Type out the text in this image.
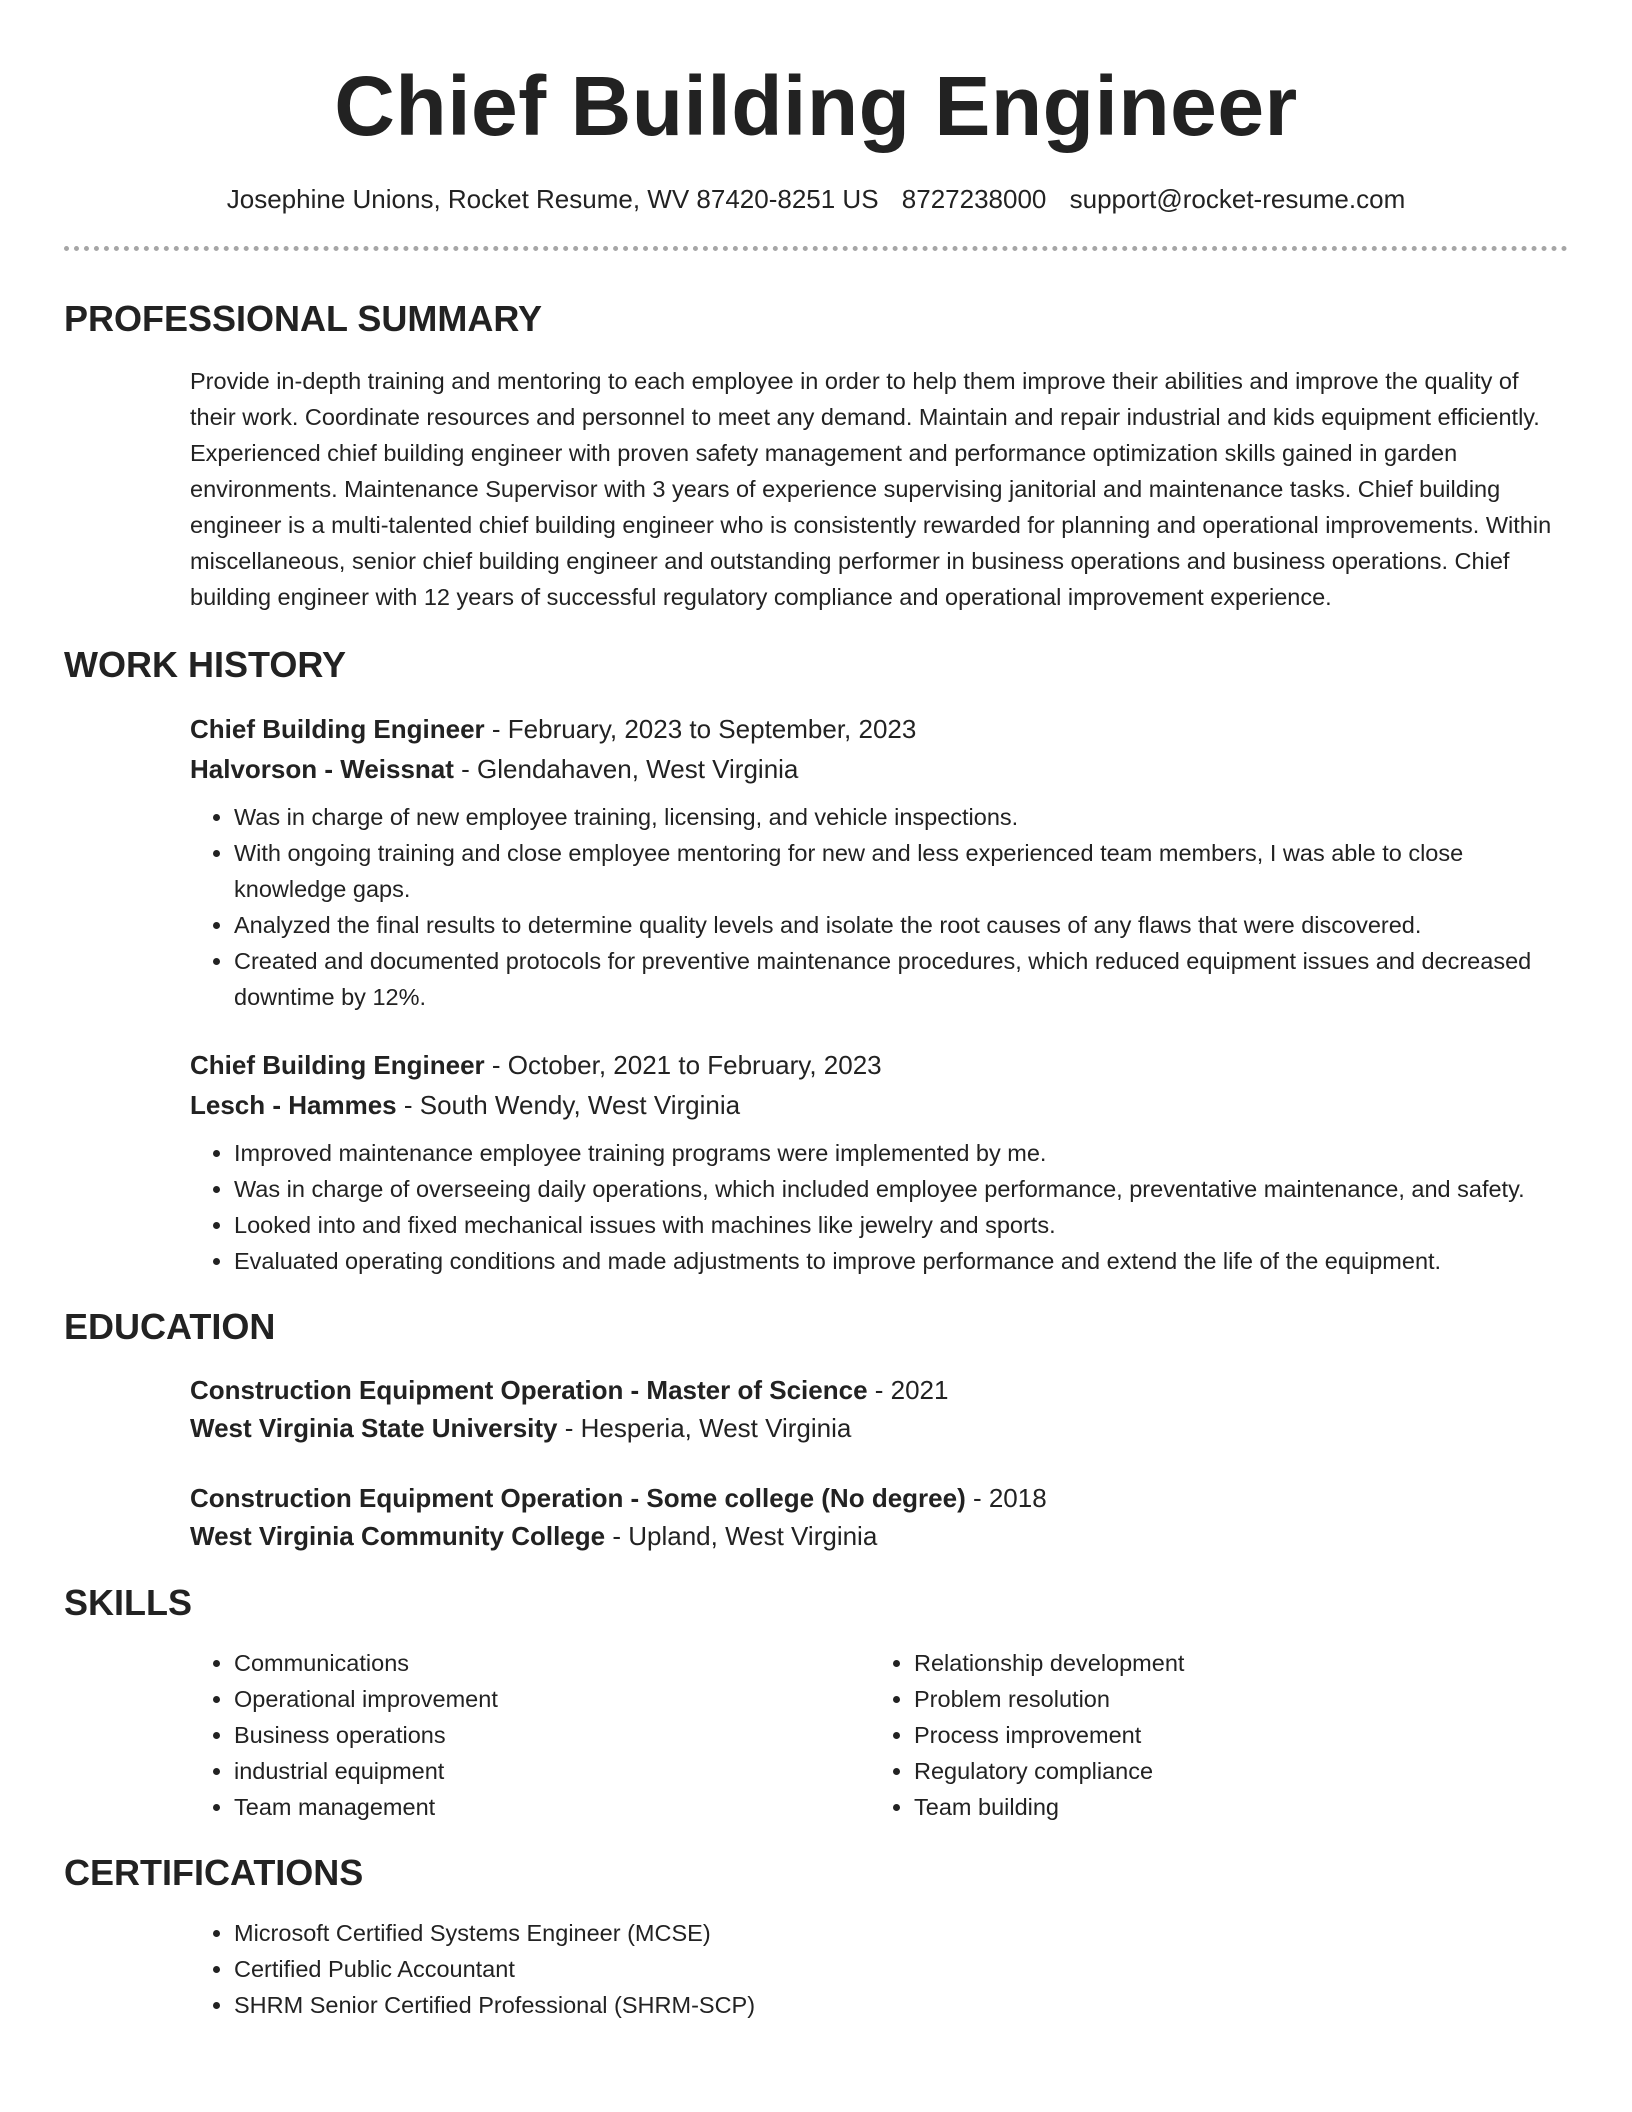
Chief Building Engineer
Josephine Unions, Rocket Resume, WV 87420-8251 US 8727238000 support@rocket-resume.com
PROFESSIONAL SUMMARY
Provide in-depth training and mentoring to each employee in order to help them improve their abilities and improve the quality of their work. Coordinate resources and personnel to meet any demand. Maintain and repair industrial and kids equipment efficiently. Experienced chief building engineer with proven safety management and performance optimization skills gained in garden environments. Maintenance Supervisor with 3 years of experience supervising janitorial and maintenance tasks. Chief building engineer is a multi-talented chief building engineer who is consistently rewarded for planning and operational improvements. Within miscellaneous, senior chief building engineer and outstanding performer in business operations and business operations. Chief building engineer with 12 years of successful regulatory compliance and operational improvement experience.
WORK HISTORY
Chief Building Engineer - February, 2023 to September, 2023
Halvorson - Weissnat - Glendahaven, West Virginia
• Was in charge of new employee training, licensing, and vehicle inspections.
• With ongoing training and close employee mentoring for new and less experienced team members, I was able to close knowledge gaps.
• Analyzed the final results to determine quality levels and isolate the root causes of any flaws that were discovered.
• Created and documented protocols for preventive maintenance procedures, which reduced equipment issues and decreased downtime by 12%.
Chief Building Engineer - October, 2021 to February, 2023
Lesch - Hammes - South Wendy, West Virginia
• Improved maintenance employee training programs were implemented by me.
• Was in charge of overseeing daily operations, which included employee performance, preventative maintenance, and safety.
• Looked into and fixed mechanical issues with machines like jewelry and sports.
• Evaluated operating conditions and made adjustments to improve performance and extend the life of the equipment.
EDUCATION
Construction Equipment Operation - Master of Science - 2021
West Virginia State University - Hesperia, West Virginia
Construction Equipment Operation - Some college (No degree) - 2018
West Virginia Community College - Upland, West Virginia
SKILLS
• Communications
• Operational improvement
• Business operations
• industrial equipment
• Team management
• Relationship development
• Problem resolution
• Process improvement
• Regulatory compliance
• Team building
CERTIFICATIONS
• Microsoft Certified Systems Engineer (MCSE)
• Certified Public Accountant
• SHRM Senior Certified Professional (SHRM-SCP)
